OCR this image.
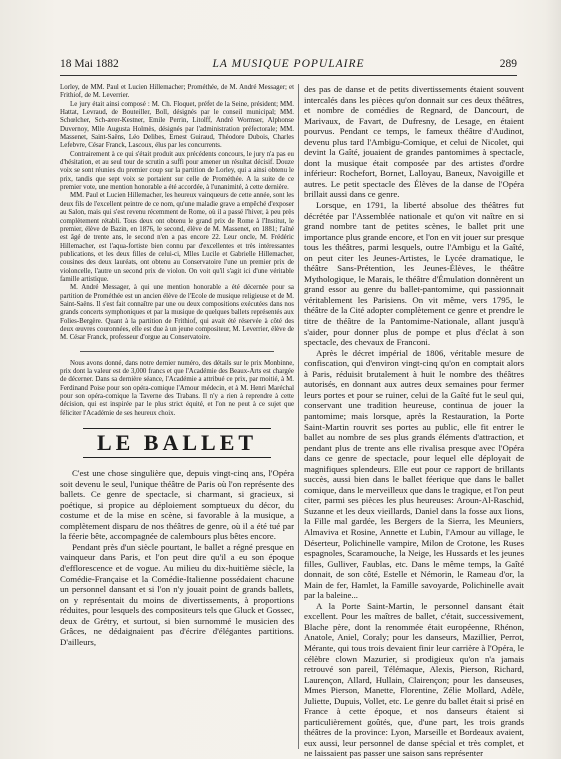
18 Mai 1882	LA MUSIQUE POPULAIRE	289

Lorley, de MM. Paul et Lucien Hillemacher; Prométhée, de M. André Messager; et Frithiof, de M. Leverrier.

Le jury était ainsi composé : M. Ch. Floquet, préfet de la Seine, président; MM. Hattat, Levraud, de Bouteiller, Boll, désignés par le conseil municipal; MM. Schœlcher, Sch-ærer-Kestner, Emile Perrin, Litolff, André Wormser, Alphonse Duvernoy, Mlle Augusta Holmès, désignés par l'administration préfectorale; MM. Massenet, Saint-Saëns, Léo Delibes, Ernest Guiraud, Théodore Dubois, Charles Lefebvre, César Franck, Lascoux, élus par les concurrents.

Contrairement à ce qui s'était produit aux précédents concours, le jury n'a pas eu d'hésitation, et au seul tour de scrutin a suffi pour amener un résultat décisif. Douze voix se sont réunies du premier coup sur la partition de Lorley, qui a ainsi obtenu le prix, tandis que sept voix se portaient sur celle de Prométhée. A la suite de ce premier vote, une mention honorable a été accordée, à l'unanimité, à cette dernière.

MM. Paul et Lucien Hillemacher, les heureux vainqueurs de cette année, sont les deux fils de l'excellent peintre de ce nom, qu'une maladie grave a empêché d'exposer au Salon, mais qui s'est revenu récemment de Rome, où il a passé l'hiver, à peu près complètement rétabli. Tous deux ont obtenu le grand prix de Rome à l'Institut, le premier, élève de Bazin, en 1876, le second, élève de M. Massenet, en 1881; l'aîné est âgé de trente ans, le second n'en a pas encore 22. Leur oncle, M. Frédéric Hillemacher, est l'aqua-fortiste bien connu par d'excellentes et très intéressantes publications, et les deux filles de celui-ci, Mlles Lucile et Gabrielle Hillemacher, cousines des deux lauréats, ont obtenu au Conservatoire l'une un premier prix de violoncelle, l'autre un second prix de violon. On voit qu'il s'agit ici d'une véritable famille artistique.

M. André Messager, à qui une mention honorable a été décernée pour sa partition de Prométhée est un ancien élève de l'Ecole de musique religieuse et de M. Saint-Saëns. Il s'est fait connaître par une ou deux compositions exécutées dans nos grands concerts symphoniques et par la musique de quelques ballets représentés aux Folies-Bergère. Quant à la partition de Frithiof, qui avait été réservée à côté des deux œuvres couronnées, elle est due à un jeune compositeur, M. Leverrier, élève de M. César Franck, professeur d'orgue au Conservatoire.

Nous avons donné, dans notre dernier numéro, des détails sur le prix Monbinne, prix dont la valeur est de 3,000 francs et que l'Académie des Beaux-Arts est chargée de décerner. Dans sa dernière séance, l'Académie a attribué ce prix, par moitié, à M. Ferdinand Poise pour son opéra-comique l'Amour médecin, et à M. Henri Maréchal pour son opéra-comique la Taverne des Trabans. Il n'y a rien à reprendre à cette décision, qui est inspirée par le plus strict équité, et l'on ne peut à ce sujet que féliciter l'Académie de ses heureux choix.

LE BALLET

C'est une chose singulière que, depuis vingt-cinq ans, l'Opéra soit devenu le seul, l'unique théâtre de Paris où l'on représente des ballets. Ce genre de spectacle, si charmant, si gracieux, si poétique, si propice au déploiement somptueux du décor, du costume et de la mise en scène, si favorable à la musique, a complètement disparu de nos théâtres de genre, où il a été tué par la féerie bête, accompagnée de calembours plus bêtes encore.

Pendant près d'un siècle pourtant, le ballet a régné presque en vainqueur dans Paris, et l'on peut dire qu'il a eu son époque d'efflorescence et de vogue. Au milieu du dix-huitième siècle, la Comédie-Française et la Comédie-Italienne possédaient chacune un personnel dansant et si l'on n'y jouait point de grands ballets, on y représentait du moins de divertissements, à proportions réduites, pour lesquels des compositeurs tels que Gluck et Gossec, deux de Grétry, et surtout, si bien surnommé le musicien des Grâces, ne dédaignaient pas d'écrire d'élégantes partitions. D'ailleurs,

des pas de danse et de petits divertissements étaient souvent intercalés dans les pièces qu'on donnait sur ces deux théâtres, et nombre de comédies de Regnard, de Dancourt, de Marivaux, de Favart, de Dufresny, de Lesage, en étaient pourvus. Pendant ce temps, le fameux théâtre d'Audinot, devenu plus tard l'Ambigu-Comique, et celui de Nicolet, qui devint la Gaîté, jouaient de grandes pantomimes à spectacle, dont la musique était composée par des artistes d'ordre inférieur: Rochefort, Bornet, Lalloyau, Baneux, Navoigille et autres. Le petit spectacle des Élèves de la danse de l'Opéra brillait aussi dans ce genre.

Lorsque, en 1791, la liberté absolue des théâtres fut décrétée par l'Assemblée nationale et qu'on vit naître en si grand nombre tant de petites scènes, le ballet prit une importance plus grande encore, et l'on en vit jouer sur presque tous les théâtres, parmi lesquels, outre l'Ambigu et la Gaîté, on peut citer les Jeunes-Artistes, le Lycée dramatique, le théâtre Sans-Prétention, les Jeunes-Élèves, le théâtre Mythologique, le Marais, le théâtre d'Émulation donnèrent un grand essor au genre du ballet-pantomime, qui passionnait véritablement les Parisiens. On vit même, vers 1795, le théâtre de la Cité adopter complètement ce genre et prendre le titre de théâtre de la Pantomime-Nationale, allant jusqu'à s'aider, pour donner plus de pompe et plus d'éclat à son spectacle, des chevaux de Franconi.

Après le décret impérial de 1806, véritable mesure de confiscation, qui d'environ vingt-cinq qu'on en comptait alors à Paris, réduisit brutalement à huit le nombre des théâtres autorisés, en donnant aux autres deux semaines pour fermer leurs portes et pour se ruiner, celui de la Gaîté fut le seul qui, conservant une tradition heureuse, continua de jouer la pantomime; mais lorsque, après la Restauration, la Porte Saint-Martin rouvrit ses portes au public, elle fit entrer le ballet au nombre de ses plus grands éléments d'attraction, et pendant plus de trente ans elle rivalisa presque avec l'Opéra dans ce genre de spectacle, pour lequel elle déployait de magnifiques splendeurs. Elle eut pour ce rapport de brillants succès, aussi bien dans le ballet féerique que dans le ballet comique, dans le merveilleux que dans le tragique, et l'on peut citer, parmi ses pièces les plus heureuses: Aroun-Al-Raschid, Suzanne et les deux vieillards, Daniel dans la fosse aux lions, la Fille mal gardée, les Bergers de la Sierra, les Meuniers, Almaviva et Rosine, Annette et Lubin, l'Amour au village, le Déserteur, Polichinelle vampire, Milon de Crotone, les Ruses espagnoles, Scaramouche, la Neige, les Hussards et les jeunes filles, Gulliver, Faublas, etc. Dans le même temps, la Gaîté donnait, de son côté, Estelle et Némorin, le Rameau d'or, la Main de fer, Hamlet, la Famille savoyarde, Polichinelle avait par la baleine...

A la Porte Saint-Martin, le personnel dansant était excellent. Pour les maîtres de ballet, c'était, successivement, Blache père, dont la renommée était européenne, Rhénon, Anatole, Aniel, Coraly; pour les danseurs, Mazillier, Perrot, Mérante, qui tous trois devaient finir leur carrière à l'Opéra, le célèbre clown Mazurier, si prodigieux qu'on n'a jamais retrouvé son pareil, Télémaque, Alexis, Pierson, Richard, Laurençon, Allard, Hullain, Clairençon; pour les danseuses, Mmes Pierson, Manette, Florentine, Zélie Mollard, Adèle, Juliette, Dupuis, Vollet, etc. Le genre du ballet était si prisé en France à cette époque, et nos danseurs étaient si particulièrement goûtés, que, d'une part, les trois grands théâtres de la province: Lyon, Marseille et Bordeaux avaient, eux aussi, leur personnel de danse spécial et très complet, et ne laissaient pas passer une saison sans représenter
